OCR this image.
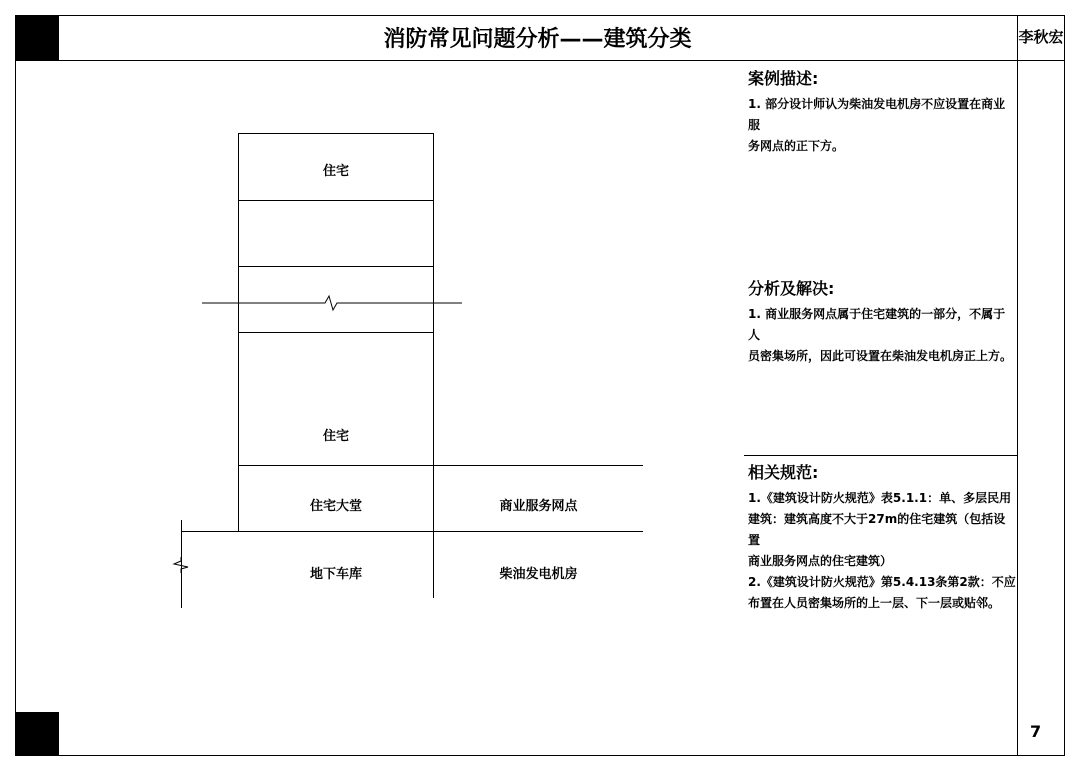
消防常见问题分析——建筑分类	李秋宏
7
住宅
住宅
住宅大堂	商业服务网点
地下车库	柴油发电机房
案例描述:
1. 部分设计师认为柴油发电机房不应设置在商业服
务网点的正下方。
分析及解决:
1. 商业服务网点属于住宅建筑的一部分，不属于人
员密集场所，因此可设置在柴油发电机房正上方。
相关规范:
1.《建筑设计防火规范》表5.1.1：单、多层民用
建筑：建筑高度不大于27m的住宅建筑（包括设置
商业服务网点的住宅建筑）
2.《建筑设计防火规范》第5.4.13条第2款：不应
布置在人员密集场所的上一层、下一层或贴邻。
